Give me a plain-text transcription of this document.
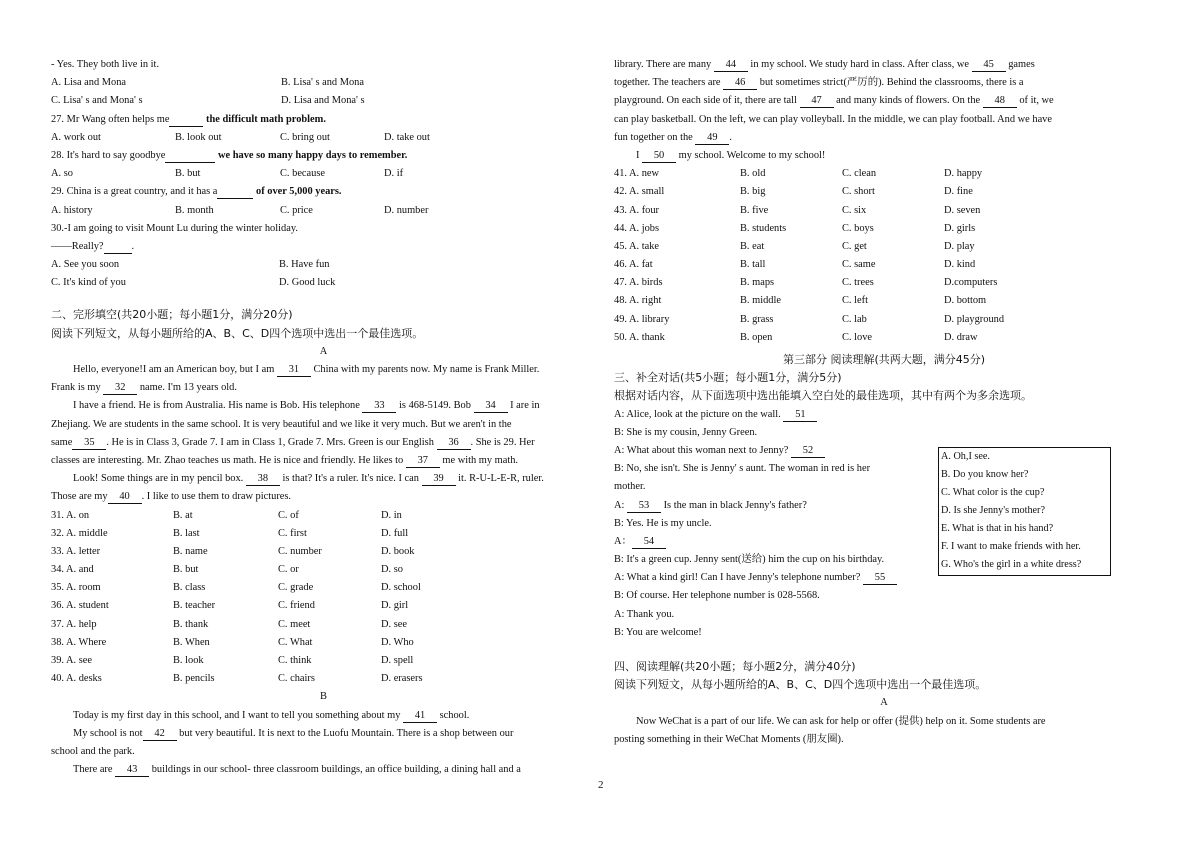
- Yes. They both live in it.
A. Lisa and Mona	B. Lisa' s and Mona
C. Lisa' s and Mona' s	D. Lisa and Mona' s
27. Mr Wang often helps me	the difficult math problem.
A. work out	B. look out	C. bring out	D. take out
28. It's hard to say goodbye	we have so many happy days to remember.
A. so	B. but	C. because	D. if
29. China is a great country, and it has a	of over 5,000 years.
A. history	B. month	C. price	D. number
30.-I am going to visit Mount Lu during the winter holiday.
——Really?	.
A. See you soon	B. Have fun
C. It's kind of you	D. Good luck
二、完形填空(共20小题；每小题1分，满分20分)
阅读下列短文，从每小题所给的A、B、C、D四个选项中选出一个最佳选项。
A
Hello, everyone!I am an American boy, but I am 31 China with my parents now. My name is Frank Miller.
Frank is my 32 name. I'm 13 years old.
I have a friend. He is from Australia. His name is Bob. His telephone 33 is 468-5149. Bob 34 I are in
Zhejiang. We are students in the same school. It is very beautiful and we like it very much. But we aren't in the
same 35 . He is in Class 3, Grade 7. I am in Class 1, Grade 7. Mrs. Green is our English 36 . She is 29. Her
classes are interesting. Mr. Zhao teaches us math. He is nice and friendly. He likes to 37 me with my math.
Look! Some things are in my pencil box. 38 is that? It's a ruler. It's nice. I can 39 it. R-U-L-E-R, ruler.
Those are my 40 . I like to use them to draw pictures.
31. A. on	B. at	C. of	D. in
32. A. middle	B. last	C. first	D. full
33. A. letter	B. name	C. number	D. book
34. A. and	B. but	C. or	D. so
35. A. room	B. class	C. grade	D. school
36. A. student	B. teacher	C. friend	D. girl
37. A. help	B. thank	C. meet	D. see
38. A. Where	B. When	C. What	D. Who
39. A. see	B. look	C. think	D. spell
40. A. desks	B. pencils	C. chairs	D. erasers
B
Today is my first day in this school, and I want to tell you something about my 41 school.
My school is not 42 but very beautiful. It is next to the Luofu Mountain. There is a shop between our
school and the park.
There are 43 buildings in our school- three classroom buildings, an office building, a dining hall and a
library. There are many 44 in my school. We study hard in class. After class, we 45 games
together. The teachers are 46 but sometimes strict(严厉的). Behind the classrooms, there is a
playground. On each side of it, there are tall 47 and many kinds of flowers. On the 48 of it, we
can play basketball. On the left, we can play volleyball. In the middle, we can play football. And we have
fun together on the 49 .
I 50 my school. Welcome to my school!
41. A. new	B. old	C. clean	D. happy
42. A. small	B. big	C. short	D. fine
43. A. four	B. five	C. six	D. seven
44. A. jobs	B. students	C. boys	D. girls
45. A. take	B. eat	C. get	D. play
46. A. fat	B. tall	C. same	D. kind
47. A. birds	B. maps	C. trees	D.computers
48. A. right	B. middle	C. left	D. bottom
49. A. library	B. grass	C. lab	D. playground
50. A. thank	B. open	C. love	D. draw
第三部分 阅读理解(共两大题，满分45分)
三、补全对话(共5小题；每小题1分，满分5分)
根据对话内容，从下面选项中选出能填入空白处的最佳选项，其中有两个为多余选项。
A: Alice, look at the picture on the wall. 51
B: She is my cousin, Jenny Green.
A: What about this woman next to Jenny? 52
B: No, she isn't. She is Jenny' s aunt. The woman in red is her
mother.
A: 53 Is the man in black Jenny's father?
B: Yes. He is my uncle.
A： 54
B: It's a green cup. Jenny sent(送给) him the cup on his birthday.
A: What a kind girl! Can I have Jenny's telephone number? 55
B: Of course. Her telephone number is 028-5568.
A: Thank you.
B: You are welcome!
四、阅读理解(共20小题；每小题2分，满分40分)
阅读下列短文，从每小题所给的A、B、C、D四个选项中选出一个最佳选项。
A
Now WeChat is a part of our life. We can ask for help or offer (提供) help on it. Some students are
posting something in their WeChat Moments (朋友圈).
A. Oh,I see.
B. Do you know her?
C. What color is the cup?
D. Is she Jenny's mother?
E. What is that in his hand?
F. I want to make friends with her.
G. Who's the girl in a white dress?
2
